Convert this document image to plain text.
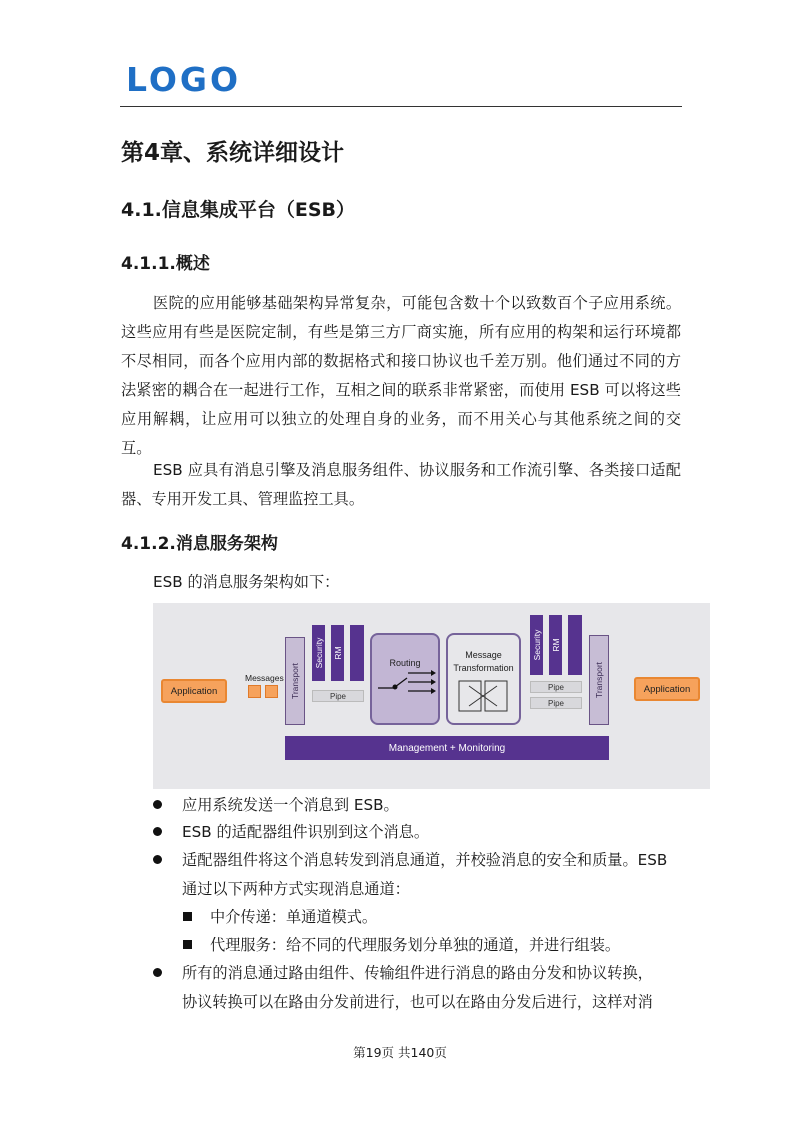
LOGO
第4章、系统详细设计
4.1.信息集成平台（ESB）
4.1.1.概述

医院的应用能够基础架构异常复杂，可能包含数十个以致数百个子应用系统。这些应用有些是医院定制，有些是第三方厂商实施，所有应用的构架和运行环境都不尽相同，而各个应用内部的数据格式和接口协议也千差万别。他们通过不同的方法紧密的耦合在一起进行工作，互相之间的联系非常紧密，而使用 ESB 可以将这些应用解耦，让应用可以独立的处理自身的业务，而不用关心与其他系统之间的交互。

ESB 应具有消息引擎及消息服务组件、协议服务和工作流引擎、各类接口适配器、专用开发工具、管理监控工具。

4.1.2.消息服务架构
ESB 的消息服务架构如下：
Application
Messages Transport
Security RM
Pipe
Routing
Message
Transformation
Security RM
Pipe
Pipe
Transport	Application
Management + Monitoring
应用系统发送一个消息到 ESB。
ESB 的适配器组件识别到这个消息。
适配器组件将这个消息转发到消息通道，并校验消息的安全和质量。ESB
通过以下两种方式实现消息通道：
中介传递：单通道模式。
代理服务：给不同的代理服务划分单独的通道，并进行组装。
所有的消息通过路由组件、传输组件进行消息的路由分发和协议转换，
协议转换可以在路由分发前进行，也可以在路由分发后进行，这样对消
第19页 共140页
